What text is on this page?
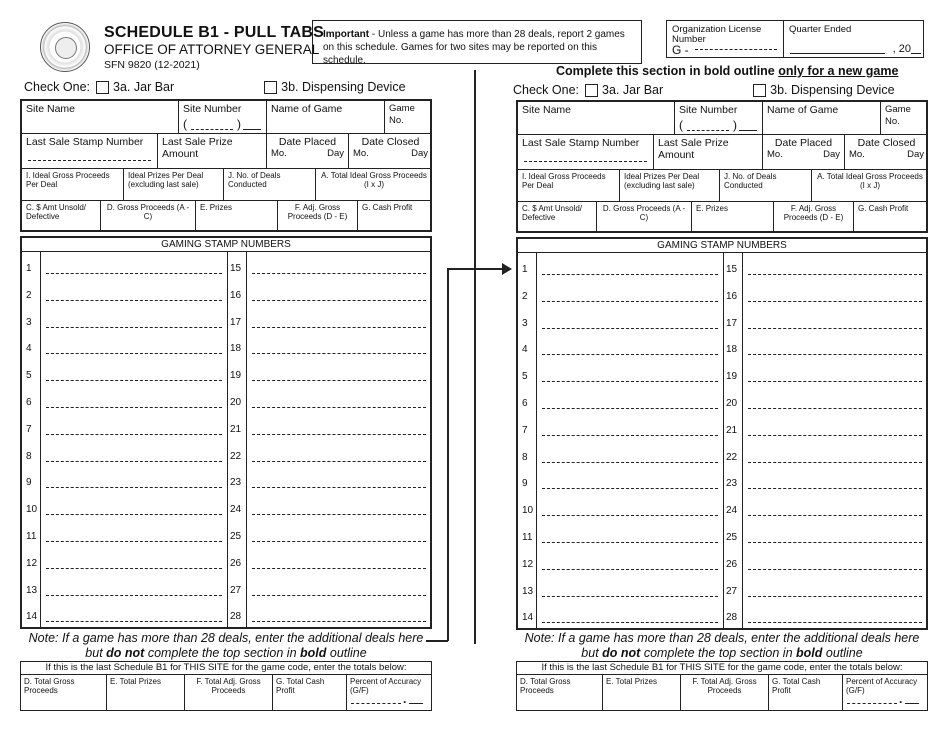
SCHEDULE B1 - PULL TABS
OFFICE OF ATTORNEY GENERAL
SFN 9820 (12-2021)
Important - Unless a game has more than 28 deals, report 2 games on this schedule. Games for two sites may be reported on this schedule.
Organization License Number
G -
Quarter Ended
, 20
Complete this section in bold outline only for a new game
Check One: 3a. Jar Bar	3b. Dispensing Device
Site Name	Site Number
(	)
Name of Game	Game No.
Last Sale Stamp Number	Last Sale Prize Amount
Date Placed
Mo.	Day
Date Closed
Mo.	Day
I. Ideal Gross Proceeds Per Deal
Ideal Prizes Per Deal (excluding last sale)
J. No. of Deals Conducted
A. Total Ideal Gross Proceeds (I x J)
C. $ Amt Unsold/ Defective
D. Gross Proceeds (A - C)
E. Prizes	F. Adj. Gross Proceeds (D - E)
G. Cash Profit
GAMING STAMP NUMBERS
1	15
2	16
3	17
4	18
5	19
6	20
7	21
8	22
9	23
10	24
11	25
12	26
13	27
14	28
Note: If a game has more than 28 deals, enter the additional deals here
but do not complete the top section in bold outline
If this is the last Schedule B1 for THIS SITE for the game code, enter the totals below:
D. Total Gross Proceeds
E. Total Prizes	F. Total Adj. Gross Proceeds
G. Total Cash Profit
Percent of Accuracy (G/F)
.
Check One: 3a. Jar Bar	3b. Dispensing Device
Site Name	Site Number
(	)
Name of Game	Game No.
Last Sale Stamp Number	Last Sale Prize Amount
Date Placed
Mo.	Day
Date Closed
Mo.	Day
I. Ideal Gross Proceeds Per Deal
Ideal Prizes Per Deal (excluding last sale)
J. No. of Deals Conducted
A. Total Ideal Gross Proceeds (I x J)
C. $ Amt Unsold/ Defective
D. Gross Proceeds (A - C)
E. Prizes	F. Adj. Gross Proceeds (D - E)
G. Cash Profit
GAMING STAMP NUMBERS
1	15
2	16
3	17
4	18
5	19
6	20
7	21
8	22
9	23
10	24
11	25
12	26
13	27
14	28
Note: If a game has more than 28 deals, enter the additional deals here
but do not complete the top section in bold outline
If this is the last Schedule B1 for THIS SITE for the game code, enter the totals below:
D. Total Gross Proceeds
E. Total Prizes	F. Total Adj. Gross Proceeds
G. Total Cash Profit
Percent of Accuracy (G/F)
.
